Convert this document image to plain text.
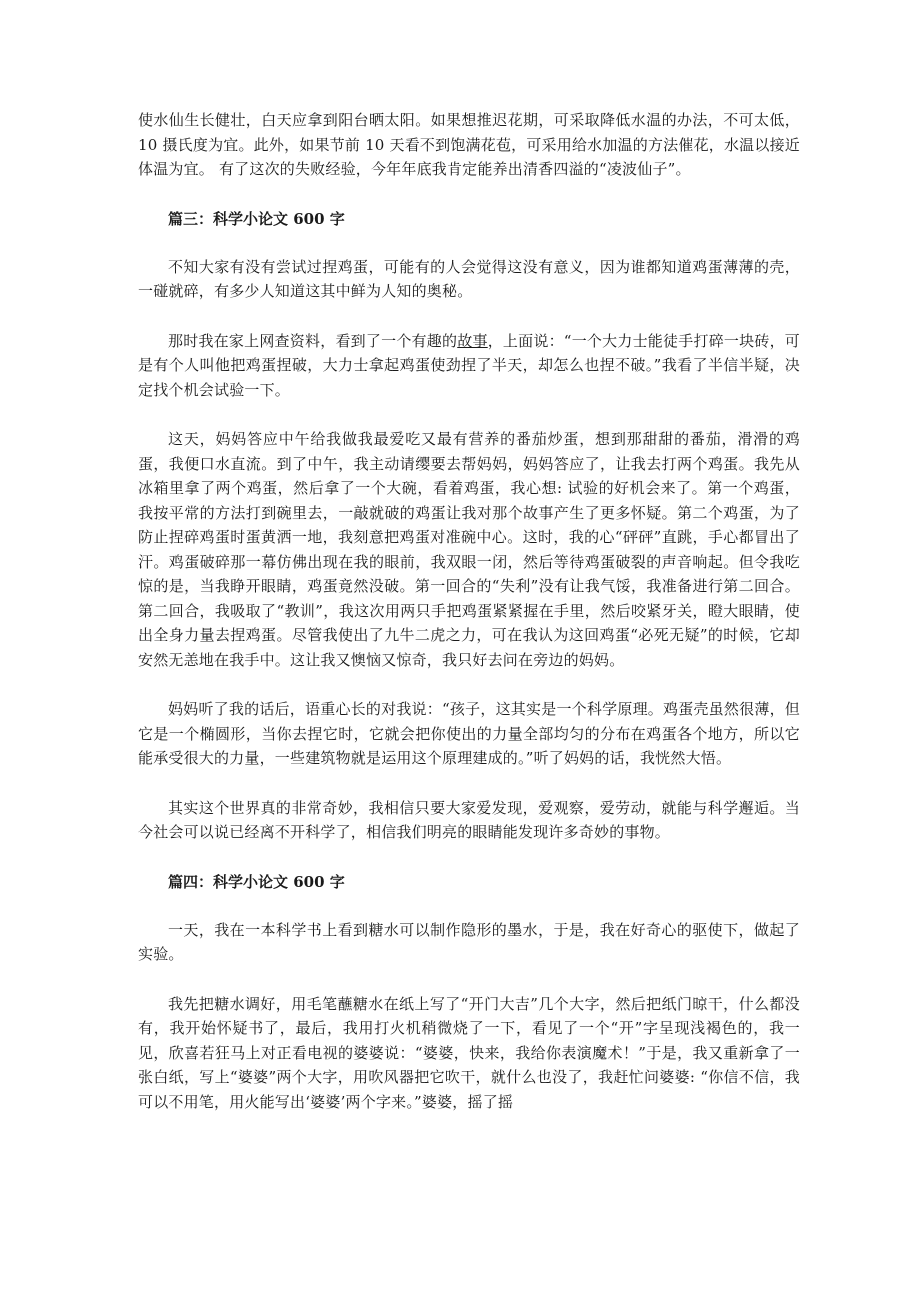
使水仙生长健壮，白天应拿到阳台晒太阳。如果想推迟花期，可采取降低水温的办法，不可太低，10 摄氏度为宜。此外，如果节前 10 天看不到饱满花苞，可采用给水加温的方法催花，水温以接近体温为宜。 有了这次的失败经验，今年年底我肯定能养出清香四溢的“凌波仙子”。

篇三：科学小论文 600 字

不知大家有没有尝试过捏鸡蛋，可能有的人会觉得这没有意义，因为谁都知道鸡蛋薄薄的壳，一碰就碎，有多少人知道这其中鲜为人知的奥秘。

那时我在家上网查资料，看到了一个有趣的故事，上面说：“一个大力士能徒手打碎一块砖，可是有个人叫他把鸡蛋捏破，大力士拿起鸡蛋使劲捏了半天，却怎么也捏不破。”我看了半信半疑，决定找个机会试验一下。

这天，妈妈答应中午给我做我最爱吃又最有营养的番茄炒蛋，想到那甜甜的番茄，滑滑的鸡蛋，我便口水直流。到了中午，我主动请缨要去帮妈妈，妈妈答应了，让我去打两个鸡蛋。我先从冰箱里拿了两个鸡蛋，然后拿了一个大碗，看着鸡蛋，我心想: 试验的好机会来了。第一个鸡蛋，我按平常的方法打到碗里去，一敲就破的鸡蛋让我对那个故事产生了更多怀疑。第二个鸡蛋，为了防止捏碎鸡蛋时蛋黄洒一地，我刻意把鸡蛋对准碗中心。这时，我的心“砰砰”直跳，手心都冒出了汗。鸡蛋破碎那一幕仿佛出现在我的眼前，我双眼一闭，然后等待鸡蛋破裂的声音响起。但令我吃惊的是，当我睁开眼睛，鸡蛋竟然没破。第一回合的“失利”没有让我气馁，我准备进行第二回合。第二回合，我吸取了“教训”，我这次用两只手把鸡蛋紧紧握在手里，然后咬紧牙关，瞪大眼睛，使出全身力量去捏鸡蛋。尽管我使出了九牛二虎之力，可在我认为这回鸡蛋“必死无疑”的时候，它却安然无恙地在我手中。这让我又懊恼又惊奇，我只好去问在旁边的妈妈。

妈妈听了我的话后，语重心长的对我说：“孩子，这其实是一个科学原理。鸡蛋壳虽然很薄，但它是一个椭圆形，当你去捏它时，它就会把你使出的力量全部均匀的分布在鸡蛋各个地方，所以它能承受很大的力量，一些建筑物就是运用这个原理建成的。”听了妈妈的话，我恍然大悟。

其实这个世界真的非常奇妙，我相信只要大家爱发现，爱观察，爱劳动，就能与科学邂逅。当今社会可以说已经离不开科学了，相信我们明亮的眼睛能发现许多奇妙的事物。

篇四：科学小论文 600 字

一天，我在一本科学书上看到糖水可以制作隐形的墨水，于是，我在好奇心的驱使下，做起了实验。

我先把糖水调好，用毛笔蘸糖水在纸上写了“开门大吉”几个大字，然后把纸门晾干，什么都没有，我开始怀疑书了，最后，我用打火机稍微烧了一下，看见了一个“开”字呈现浅褐色的，我一见，欣喜若狂马上对正看电视的婆婆说：“婆婆，快来，我给你表演魔术！”于是，我又重新拿了一张白纸，写上“婆婆”两个大字，用吹风器把它吹干，就什么也没了，我赶忙问婆婆: “你信不信，我可以不用笔，用火能写出‘婆婆’两个字来。”婆婆，摇了摇
